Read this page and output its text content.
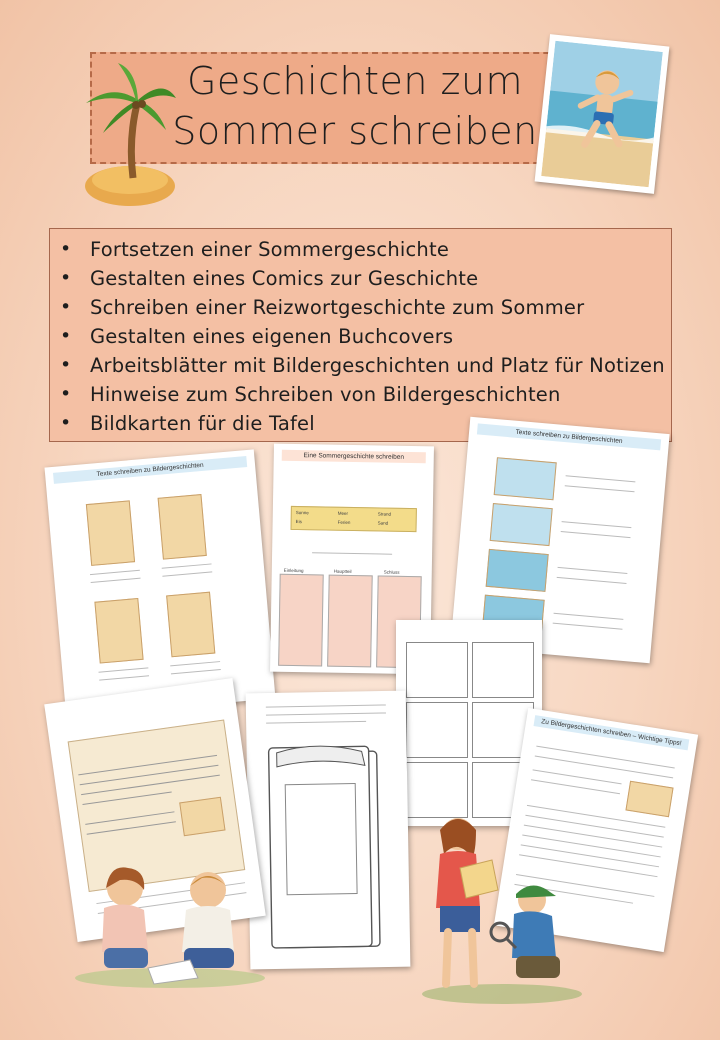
Geschichten zum
Sommer schreiben
• Fortsetzen einer Sommergeschichte
• Gestalten eines Comics zur Geschichte
• Schreiben einer Reizwortgeschichte zum Sommer
• Gestalten eines eigenen Buchcovers
• Arbeitsblätter mit Bildergeschichten und Platz für Notizen
• Hinweise zum Schreiben von Bildergeschichten
• Bildkarten für die Tafel
Texte schreiben zu Bildergeschichten
Eine Sommergeschichte schreiben
Sonne	Meer	Strand
Eis	Ferien	Sand
Einleitung	Hauptteil	Schluss
Texte schreiben zu Bildergeschichten
Zu Bildergeschichten schreiben – Wichtige Tipps!
